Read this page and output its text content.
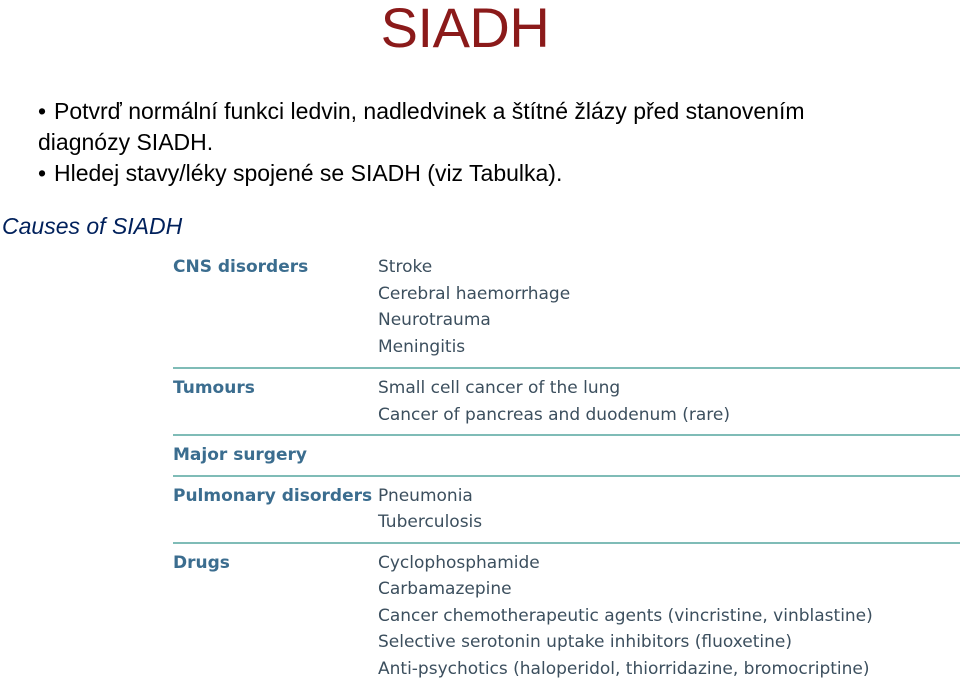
SIADH
• Potvrď normální funkci ledvin, nadledvinek a štítné žlázy před stanovením
diagnózy SIADH.
• Hledej stavy/léky spojené se SIADH (viz Tabulka).
Causes of SIADH
CNS disorders	Stroke
Cerebral haemorrhage
Neurotrauma
Meningitis
Tumours	Small cell cancer of the lung
Cancer of pancreas and duodenum (rare)
Major surgery
Pulmonary disorders Pneumonia
Tuberculosis
Drugs	Cyclophosphamide
Carbamazepine
Cancer chemotherapeutic agents (vincristine, vinblastine)
Selective serotonin uptake inhibitors (fluoxetine)
Anti-psychotics (haloperidol, thiorridazine, bromocriptine)
